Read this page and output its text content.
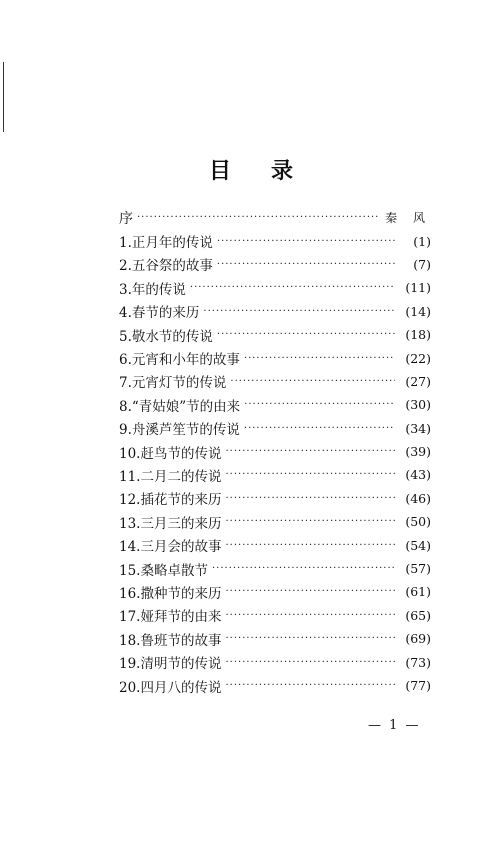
目 录
序 ·····	秦 风
1.正月年的传说 ·····	(1)
2.五谷祭的故事 ·····	(7)
3.年的传说 ·····	(11)
4.春节的来历 ·····	(14)
5.敬水节的传说 ·····	(18)
6.元宵和小年的故事 ·····	(22)
7.元宵灯节的传说 ·····	(27)
8.“青姑娘”节的由来 ·····	(30)
9.舟溪芦笙节的传说 ·····	(34)
10.赶鸟节的传说 ·····	(39)
11.二月二的传说 ·····	(43)
12.插花节的来历 ·····	(46)
13.三月三的来历 ·····	(50)
14.三月会的故事 ·····	(54)
15.桑略卓散节 ·····	(57)
16.撒种节的来历 ·····	(61)
17.娅拜节的由来 ·····	(65)
18.鲁班节的故事 ·····	(69)
19.清明节的传说 ·····	(73)
20.四月八的传说 ·····	(77)
— 1 —
